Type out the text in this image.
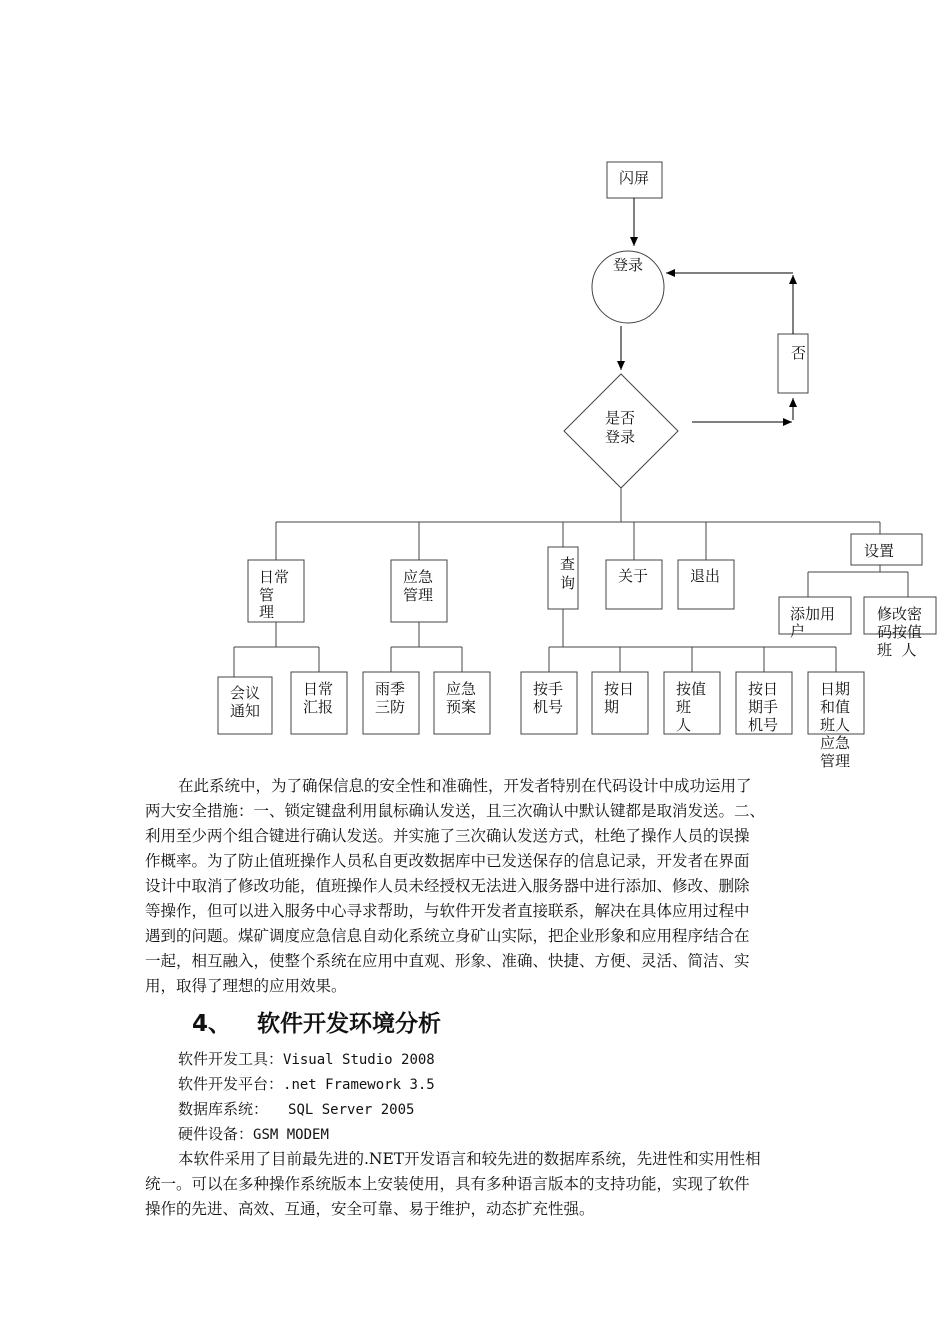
闪屏
登录
是否
登录
否
设置
日常
管
理
应急
管理
查
询	关于	退出
添加用
户
修改密
码按值
班  人
会议
通知
日常
汇报
雨季
三防
应急
预案
按手
机号
按日
期
按值
班
人
按日
期手
机号
日期
和值
班人
应急
管理
在此系统中，为了确保信息的安全性和准确性，开发者特别在代码设计中成功运用了
两大安全措施：一、锁定键盘利用鼠标确认发送，且三次确认中默认键都是取消发送。二、
利用至少两个组合键进行确认发送。并实施了三次确认发送方式，杜绝了操作人员的误操
作概率。为了防止值班操作人员私自更改数据库中已发送保存的信息记录，开发者在界面
设计中取消了修改功能，值班操作人员未经授权无法进入服务器中进行添加、修改、删除
等操作，但可以进入服务中心寻求帮助，与软件开发者直接联系，解决在具体应用过程中
遇到的问题。煤矿调度应急信息自动化系统立身矿山实际，把企业形象和应用程序结合在
一起，相互融入，使整个系统在应用中直观、形象、准确、快捷、方便、灵活、简洁、实
用，取得了理想的应用效果。
4、 软件开发环境分析

软件开发工具：Visual Studio 2008

软件开发平台：.net Framework 3.5

数据库系统： SQL Server 2005

硬件设备：GSM MODEM

本软件采用了目前最先进的.NET开发语言和较先进的数据库系统，先进性和实用性相
统一。可以在多种操作系统版本上安装使用，具有多种语言版本的支持功能，实现了软件
操作的先进、高效、互通，安全可靠、易于维护，动态扩充性强。
